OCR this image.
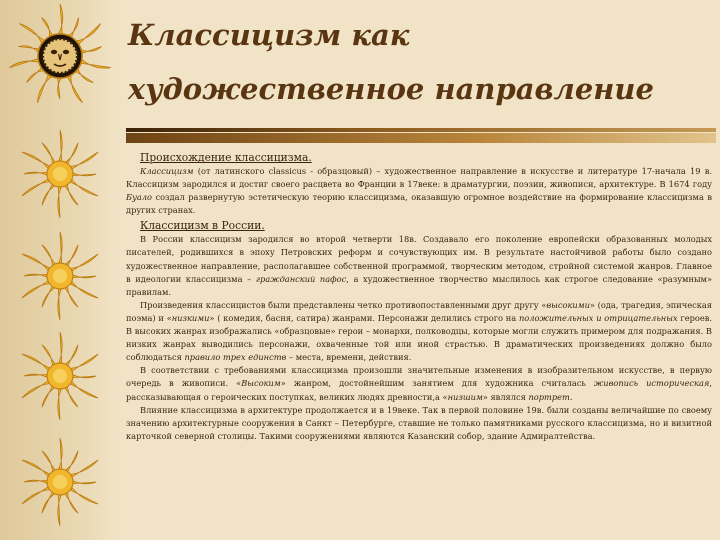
Классицизм как
художественное направление

Происхождение классицизма.

Классицизм (от латинского classicus - образцовый) – художественное направление в искусстве и литературе 17-начала 19 в. Классицизм зародился и достиг своего расцвета во Франции в 17веке: в драматургии, поэзии, живописи, архитектуре. В 1674 году Буало создал развернутую эстетическую теорию классицизма, оказавшую огромное воздействие на формирование классицизма в других странах.

Классицизм в России.

В России классицизм зародился во второй четверти 18в. Создавало его поколение европейски образованных молодых писателей, родившихся в эпоху Петровских реформ и сочувствующих им. В результате настойчивой работы было создано художественное направление, располагавшее собственной программой, творческим методом, стройной системой жанров. Главное в идеологии классицизма – гражданский пафос, а художественное творчество мыслилось как строгое следование «разумным» правилам.

Произведения классицистов были представлены четко противопоставленными друг другу «высокими» (ода, трагедия, эпическая поэма) и «низкими» ( комедия, басня, сатира) жанрами. Персонажи делились строго на положительных и отрицательных героев. В высоких жанрах изображались «образцовые» герои – монархи, полководцы, которые могли служить примером для подражания. В низких жанрах выводились персонажи, охваченные той или иной страстью. В драматических произведениях должно было соблюдаться правило трех единств – места, времени, действия.

В соответствии с требованиями классицизма произошли значительные изменения в изобразительном искусстве, в первую очередь в живописи. «Высоким» жанром, достойнейшим занятием для художника считалась живопись историческая, рассказывающая о героических поступках, великих людях древности,а «низшим» являлся портрет.

Влияние классицизма в архитектуре продолжается и в 19веке. Так в первой половине 19в. были созданы величайшие по своему значению архитектурные сооружения в Санкт – Петербурге, ставшие не только памятниками русского классицизма, но и визитной карточкой северной столицы. Такими сооружениями являются Казанский собор, здание Адмиралтейства.
